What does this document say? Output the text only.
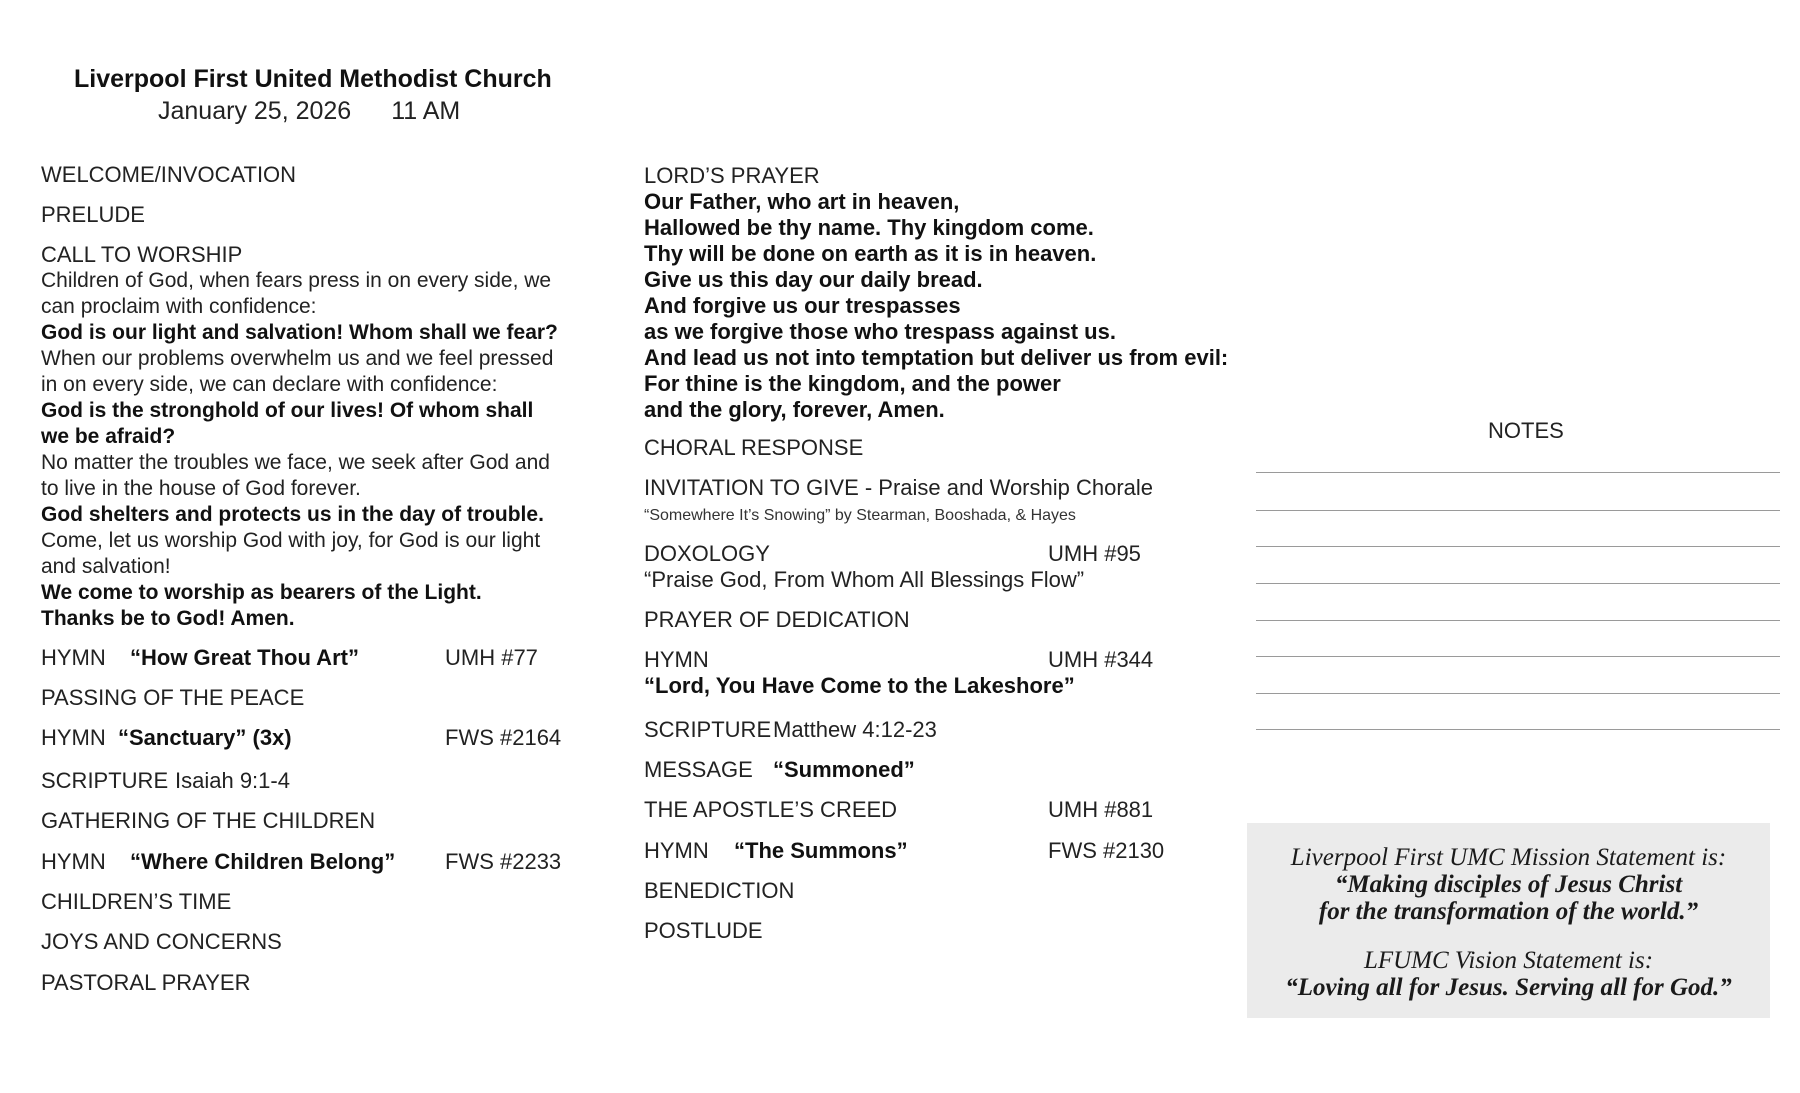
Liverpool First United Methodist Church
January 25, 2026 11 AM
WELCOME/INVOCATION
PRELUDE
CALL TO WORSHIP
Children of God, when fears press in on every side, we can proclaim with confidence:
God is our light and salvation! Whom shall we fear?
When our problems overwhelm us and we feel pressed in on every side, we can declare with confidence:
God is the stronghold of our lives! Of whom shall we be afraid?
No matter the troubles we face, we seek after God and to live in the house of God forever.
God shelters and protects us in the day of trouble.
Come, let us worship God with joy, for God is our light and salvation!
We come to worship as bearers of the Light. Thanks be to God! Amen.
HYMN “How Great Thou Art”	UMH #77
PASSING OF THE PEACE
HYMN “Sanctuary” (3x)	FWS #2164
SCRIPTURE Isaiah 9:1-4
GATHERING OF THE CHILDREN
HYMN “Where Children Belong” FWS #2233
CHILDREN’S TIME
JOYS AND CONCERNS
PASTORAL PRAYER
LORD’S PRAYER
Our Father, who art in heaven,
Hallowed be thy name. Thy kingdom come.
Thy will be done on earth as it is in heaven.
Give us this day our daily bread.
And forgive us our trespasses
as we forgive those who trespass against us.
And lead us not into temptation but deliver us from evil:
For thine is the kingdom, and the power
and the glory, forever, Amen.
CHORAL RESPONSE
INVITATION TO GIVE - Praise and Worship Chorale
“Somewhere It’s Snowing” by Stearman, Booshada, & Hayes
DOXOLOGY	UMH #95
“Praise God, From Whom All Blessings Flow”
PRAYER OF DEDICATION
HYMN	UMH #344
“Lord, You Have Come to the Lakeshore”
SCRIPTURE Matthew 4:12-23
MESSAGE “Summoned”
THE APOSTLE’S CREED	UMH #881
HYMN “The Summons”	FWS #2130
BENEDICTION
POSTLUDE
NOTES
Liverpool First UMC Mission Statement is:
“Making disciples of Jesus Christ
for the transformation of the world.”
LFUMC Vision Statement is:
“Loving all for Jesus. Serving all for God.”
